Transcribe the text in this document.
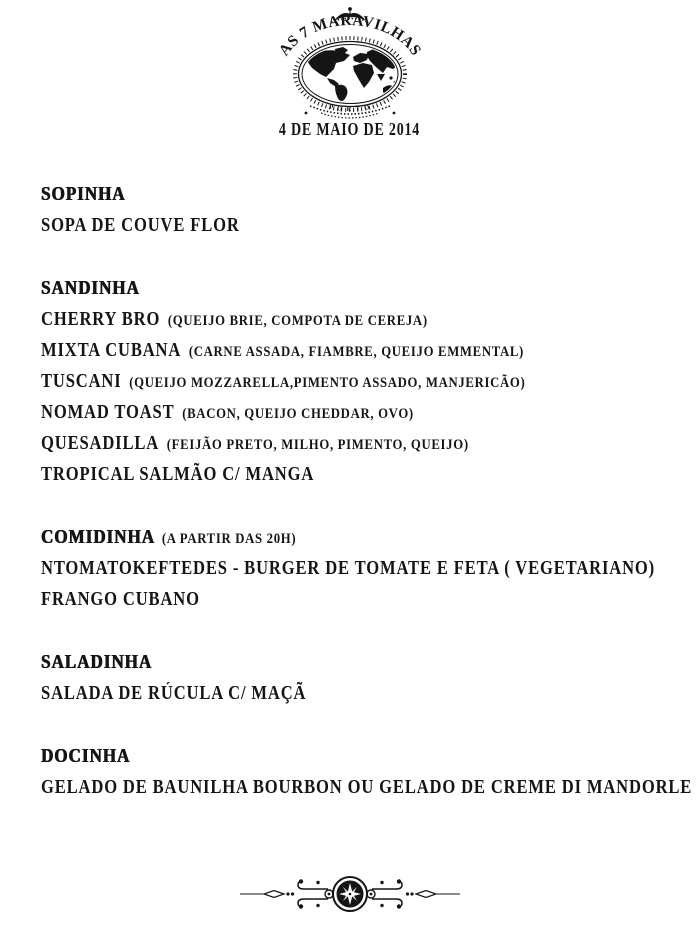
AS 7 MARAVILHAS
P O R T O
4 DE MAIO DE 2014
SOPINHA
SOPA DE COUVE FLOR
SANDINHA
CHERRY BRO (QUEIJO BRIE, COMPOTA DE CEREJA)
MIXTA CUBANA (CARNE ASSADA, FIAMBRE, QUEIJO EMMENTAL)
TUSCANI (QUEIJO MOZZARELLA,PIMENTO ASSADO, MANJERICÃO)
NOMAD TOAST (BACON, QUEIJO CHEDDAR, OVO)
QUESADILLA (FEIJÃO PRETO, MILHO, PIMENTO, QUEIJO)
TROPICAL SALMÃO C/ MANGA
COMIDINHA (A PARTIR DAS 20H)
NTOMATOKEFTEDES - BURGER DE TOMATE E FETA ( VEGETARIANO)
FRANGO CUBANO
SALADINHA
SALADA DE RÚCULA C/ MAÇÃ
DOCINHA
GELADO DE BAUNILHA BOURBON OU GELADO DE CREME DI MANDORLE
